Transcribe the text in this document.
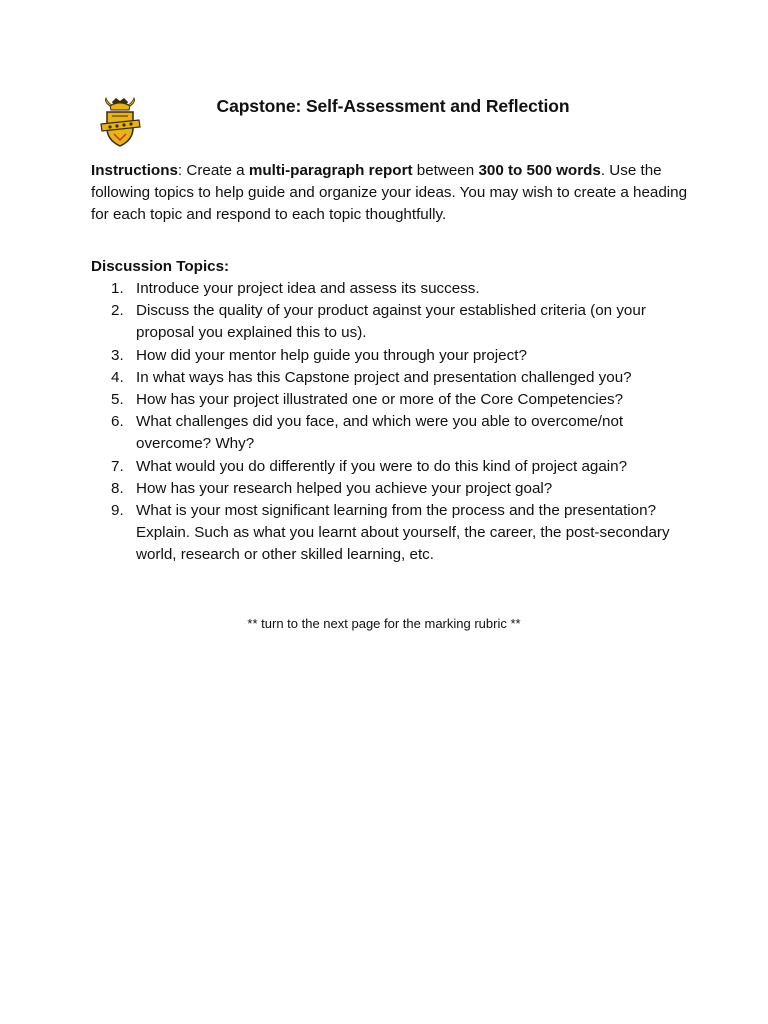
Capstone: Self-Assessment and Reflection

Instructions: Create a multi-paragraph report between 300 to 500 words. Use the following topics to help guide and organize your ideas. You may wish to create a heading for each topic and respond to each topic thoughtfully.

Discussion Topics:
1. Introduce your project idea and assess its success.
2. Discuss the quality of your product against your established criteria (on your proposal you explained this to us).
3. How did your mentor help guide you through your project?
4. In what ways has this Capstone project and presentation challenged you?
5. How has your project illustrated one or more of the Core Competencies?
6. What challenges did you face, and which were you able to overcome/not overcome? Why?
7. What would you do differently if you were to do this kind of project again?
8. How has your research helped you achieve your project goal?
9. What is your most significant learning from the process and the presentation? Explain. Such as what you learnt about yourself, the career, the post-secondary world, research or other skilled learning, etc.
** turn to the next page for the marking rubric **
